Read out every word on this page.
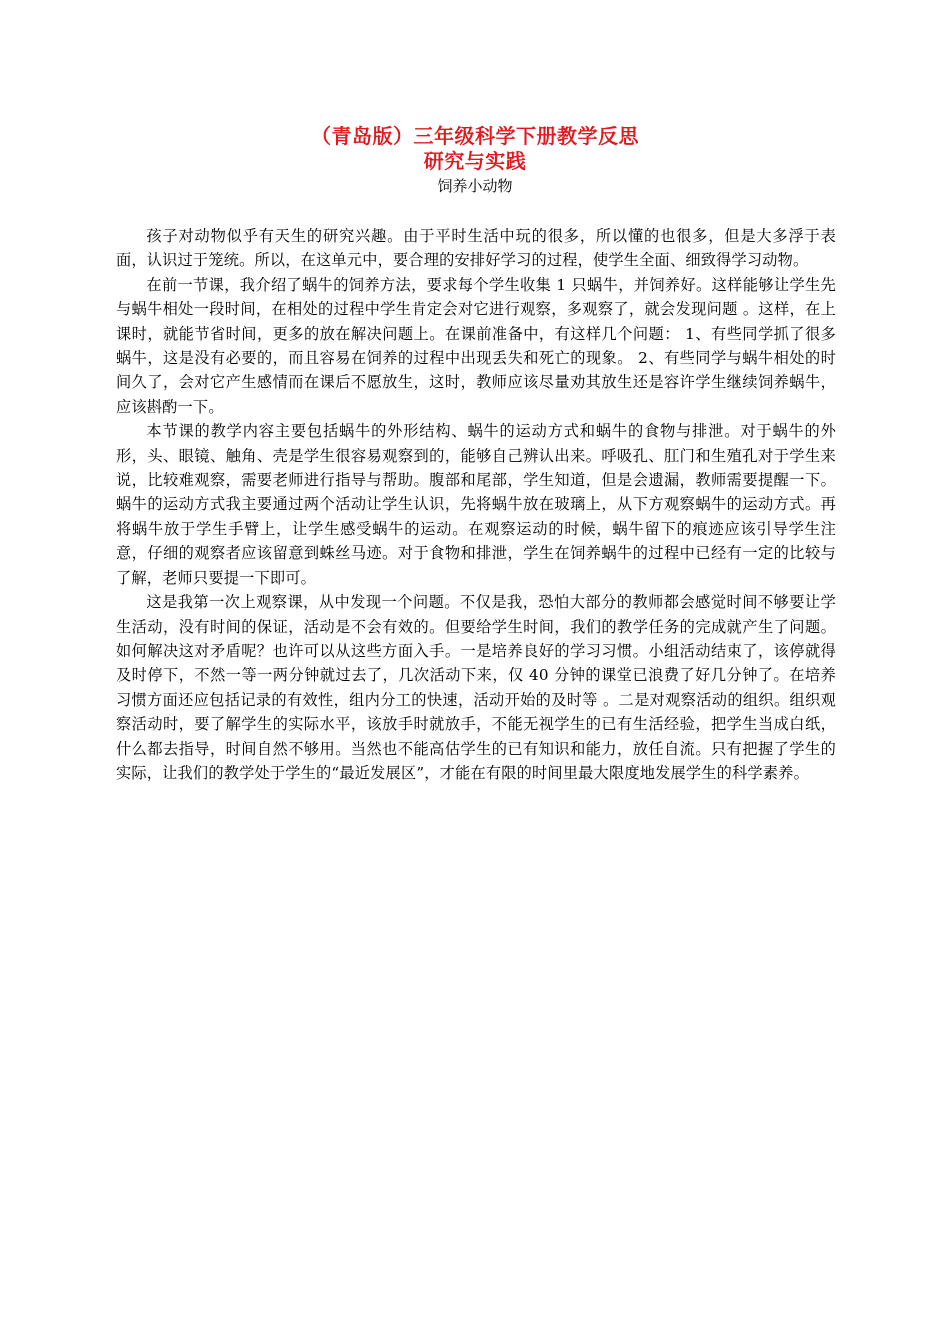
（青岛版）三年级科学下册教学反思
研究与实践
饲养小动物

孩子对动物似乎有天生的研究兴趣。由于平时生活中玩的很多，所以懂的也很多，但是大多浮于表面，认识过于笼统。所以，在这单元中，要合理的安排好学习的过程，使学生全面、细致得学习动物。

在前一节课，我介绍了蜗牛的饲养方法，要求每个学生收集 1 只蜗牛，并饲养好。这样能够让学生先与蜗牛相处一段时间，在相处的过程中学生肯定会对它进行观察，多观察了，就会发现问题 。这样，在上课时，就能节省时间，更多的放在解决问题上。在课前准备中，有这样几个问题： 1、有些同学抓了很多蜗牛，这是没有必要的，而且容易在饲养的过程中出现丢失和死亡的现象。 2、有些同学与蜗牛相处的时间久了，会对它产生感情而在课后不愿放生，这时，教师应该尽量劝其放生还是容许学生继续饲养蜗牛，应该斟酌一下。

本节课的教学内容主要包括蜗牛的外形结构、蜗牛的运动方式和蜗牛的食物与排泄。对于蜗牛的外形，头、眼镜、触角、壳是学生很容易观察到的，能够自己辨认出来。呼吸孔、肛门和生殖孔对于学生来说，比较难观察，需要老师进行指导与帮助。腹部和尾部，学生知道，但是会遗漏，教师需要提醒一下。蜗牛的运动方式我主要通过两个活动让学生认识，先将蜗牛放在玻璃上，从下方观察蜗牛的运动方式。再将蜗牛放于学生手臂上，让学生感受蜗牛的运动。在观察运动的时候，蜗牛留下的痕迹应该引导学生注意，仔细的观察者应该留意到蛛丝马迹。对于食物和排泄，学生在饲养蜗牛的过程中已经有一定的比较与了解，老师只要提一下即可。

这是我第一次上观察课，从中发现一个问题。不仅是我，恐怕大部分的教师都会感觉时间不够要让学生活动，没有时间的保证，活动是不会有效的。但要给学生时间，我们的教学任务的完成就产生了问题。如何解决这对矛盾呢？也许可以从这些方面入手。一是培养良好的学习习惯。小组活动结束了，该停就得及时停下，不然一等一两分钟就过去了，几次活动下来，仅 40 分钟的课堂已浪费了好几分钟了。在培养习惯方面还应包括记录的有效性，组内分工的快速，活动开始的及时等 。二是对观察活动的组织。组织观察活动时，要了解学生的实际水平，该放手时就放手，不能无视学生的已有生活经验，把学生当成白纸，什么都去指导，时间自然不够用。当然也不能高估学生的已有知识和能力，放任自流。只有把握了学生的实际，让我们的教学处于学生的“最近发展区”，才能在有限的时间里最大限度地发展学生的科学素养。
